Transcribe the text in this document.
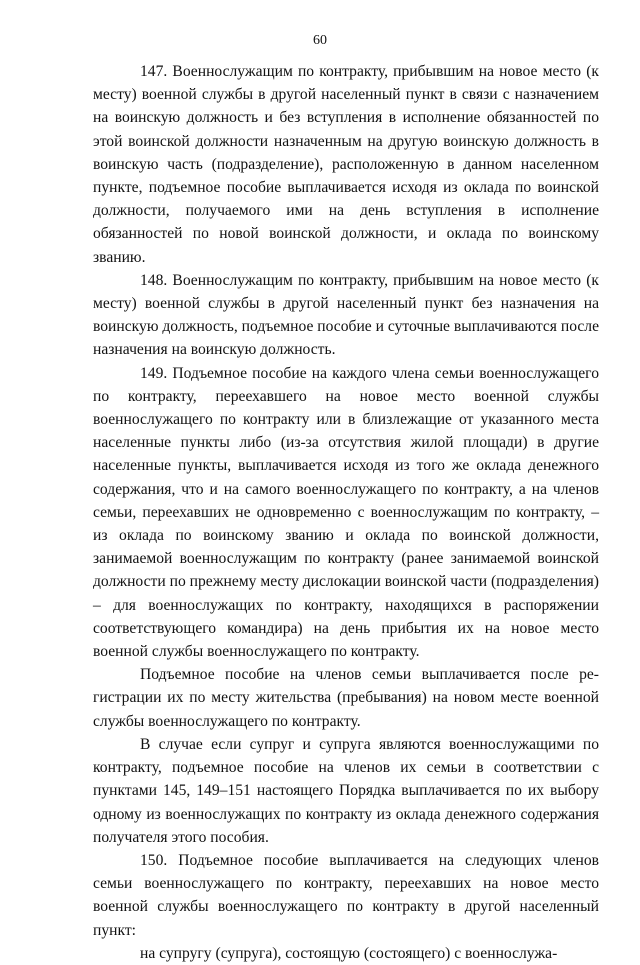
60

147. Военнослужащим по контракту, прибывшим на новое место (к месту) военной службы в другой населенный пункт в связи с назначением на воинскую должность и без вступления в исполнение обязанностей по этой воинской должности назначенным на другую воинскую должность в воинскую часть (подразделение), расположенную в данном населенном пункте, подъемное пособие выплачивается исходя из оклада по воинской должности, получаемого ими на день вступления в исполнение обязанностей по новой воинской должности, и оклада по воинскому званию.

148. Военнослужащим по контракту, прибывшим на новое место (к месту) военной службы в другой населенный пункт без назначения на воинскую должность, подъемное пособие и суточные выплачиваются после назначения на воинскую должность.

149. Подъемное пособие на каждого члена семьи военнослужащего по контракту, переехавшего на новое место военной службы военнослужащего по контракту или в близлежащие от указанного места населенные пункты либо (из-за отсутствия жилой площади) в другие населенные пункты, выплачивается исходя из того же оклада денежного содержания, что и на самого военнослужащего по контракту, а на членов семьи, переехавших не одновременно с военнослужащим по контракту, – из оклада по воинскому званию и оклада по воинской должности, занимаемой военнослужащим по контракту (ранее занимаемой воинской должности по прежнему месту дислокации воинской части (подразделения) – для военнослужащих по контракту, находящихся в распоряжении соответствующего командира) на день прибытия их на новое место военной службы военнослужащего по контракту.

Подъемное пособие на членов семьи выплачивается после регистрации их по месту жительства (пребывания) на новом месте военной службы военнослужащего по контракту.

В случае если супруг и супруга являются военнослужащими по контракту, подъемное пособие на членов их семьи в соответствии с пунктами 145, 149–151 настоящего Порядка выплачивается по их выбору одному из военнослужащих по контракту из оклада денежного содержания получателя этого пособия.

150. Подъемное пособие выплачивается на следующих членов семьи военнослужащего по контракту, переехавших на новое место военной службы военнослужащего по контракту в другой населенный пункт:

на супругу (супруга), состоящую (состоящего) с военнослужа-
